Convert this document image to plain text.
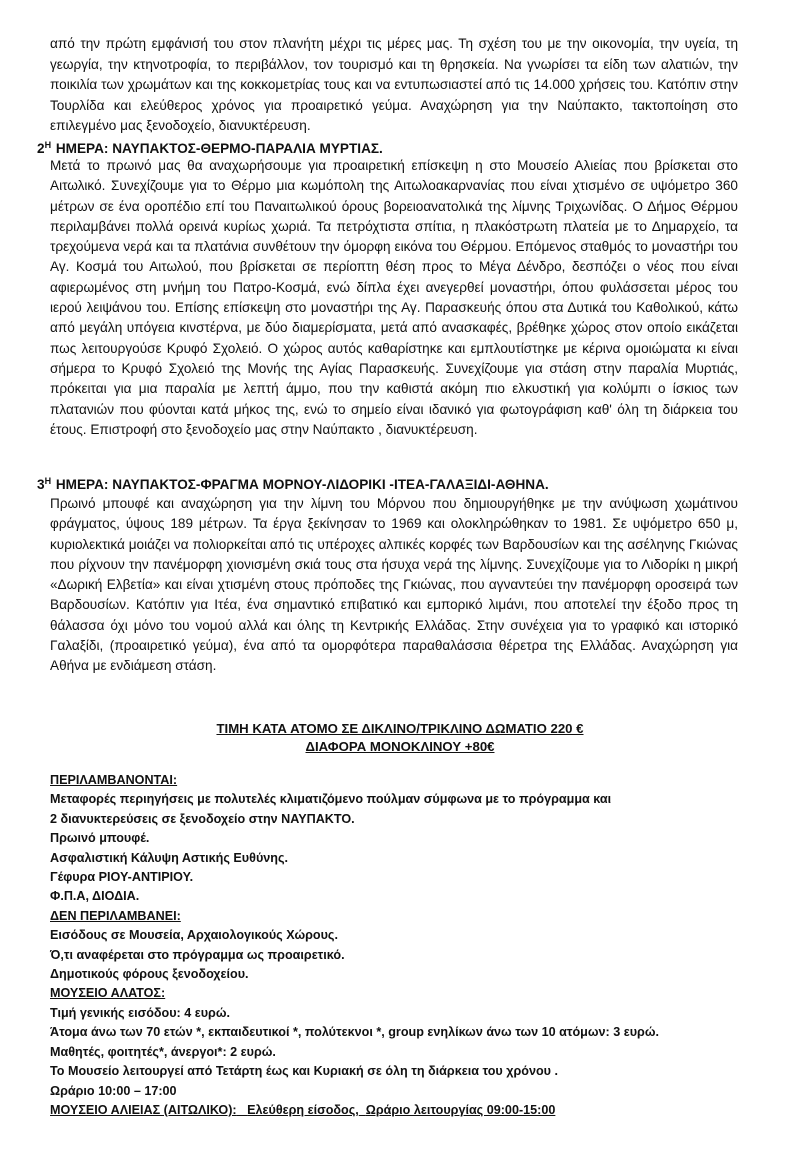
από την πρώτη εμφάνισή του στον πλανήτη μέχρι τις μέρες μας. Τη σχέση του με την οικονομία, την υγεία, τη γεωργία, την κτηνοτροφία, το περιβάλλον, τον τουρισμό και τη θρησκεία. Να γνωρίσει τα είδη των αλατιών, την ποικιλία των χρωμάτων και της κοκκομετρίας τους και να εντυπωσιαστεί από τις 14.000 χρήσεις του. Κατόπιν στην Τουρλίδα και ελεύθερος χρόνος για προαιρετικό γεύμα. Αναχώρηση για την Ναύπακτο, τακτοποίηση στο επιλεγμένο μας ξενοδοχείο, διανυκτέρευση.

$2^H$ ΗΜΕΡΑ: ΝΑΥΠΑΚΤΟΣ-ΘΕΡΜΟ-ΠΑΡΑΛΙΑ ΜΥΡΤΙΑΣ.

Μετά το πρωινό μας θα αναχωρήσουμε για προαιρετική επίσκεψη η στο Μουσείο Αλιείας που βρίσκεται στο Αιτωλικό. Συνεχίζουμε για το Θέρμο μια κωμόπολη της Αιτωλοακαρνανίας που είναι χτισμένο σε υψόμετρο 360 μέτρων σε ένα οροπέδιο επί του Παναιτωλικού όρους βορειοανατολικά της λίμνης Τριχωνίδας. Ο Δήμος Θέρμου περιλαμβάνει πολλά ορεινά κυρίως χωριά. Τα πετρόχτιστα σπίτια, η πλακόστρωτη πλατεία με το Δημαρχείο, τα τρεχούμενα νερά και τα πλατάνια συνθέτουν την όμορφη εικόνα του Θέρμου. Επόμενος σταθμός το μοναστήρι του Αγ. Κοσμά του Αιτωλού, που βρίσκεται σε περίοπτη θέση προς το Μέγα Δένδρο, δεσπόζει ο νέος που είναι αφιερωμένος στη μνήμη του Πατρο-Κοσμά, ενώ δίπλα έχει ανεγερθεί μοναστήρι, όπου φυλάσσεται μέρος του ιερού λειψάνου του. Επίσης επίσκεψη στο μοναστήρι της Αγ. Παρασκευής όπου στα Δυτικά του Καθολικού, κάτω από μεγάλη υπόγεια κινστέρνα, με δύο διαμερίσματα, μετά από ανασκαφές, βρέθηκε χώρος στον οποίο εικάζεται πως λειτουργούσε Κρυφό Σχολειό. Ο χώρος αυτός καθαρίστηκε και εμπλουτίστηκε με κέρινα ομοιώματα κι είναι σήμερα το Κρυφό Σχολειό της Μονής της Αγίας Παρασκευής. Συνεχίζουμε για στάση στην παραλία Μυρτιάς, πρόκειται για μια παραλία με λεπτή άμμο, που την καθιστά ακόμη πιο ελκυστική για κολύμπι ο ίσκιος των πλατανιών που φύονται κατά μήκος της, ενώ το σημείο είναι ιδανικό για φωτογράφιση καθ' όλη τη διάρκεια του έτους. Επιστροφή στο ξενοδοχείο μας στην Ναύπακτο , διανυκτέρευση.

$3^H$ ΗΜΕΡΑ: ΝΑΥΠΑΚΤΟΣ-ΦΡΑΓΜΑ ΜΟΡΝΟΥ-ΛΙΔΟΡΙΚΙ -ΙΤΕΑ-ΓΑΛΑΞΙΔΙ-ΑΘΗΝΑ.

Πρωινό μπουφέ και αναχώρηση για την λίμνη του Μόρνου που δημιουργήθηκε με την ανύψωση χωμάτινου φράγματος, ύψους 189 μέτρων. Τα έργα ξεκίνησαν το 1969 και ολοκληρώθηκαν το 1981. Σε υψόμετρο 650 μ, κυριολεκτικά μοιάζει να πολιορκείται από τις υπέροχες αλπικές κορφές των Βαρδουσίων και της ασέληνης Γκιώνας που ρίχνουν την πανέμορφη χιονισμένη σκιά τους στα ήσυχα νερά της λίμνης. Συνεχίζουμε για το Λιδορίκι η μικρή «Δωρική Ελβετία» και είναι χτισμένη στους πρόποδες της Γκιώνας, που αγναντεύει την πανέμορφη οροσειρά των Βαρδουσίων. Κατόπιν για Ιτέα, ένα σημαντικό επιβατικό και εμπορικό λιμάνι, που αποτελεί την έξοδο προς τη θάλασσα όχι μόνο του νομού αλλά και όλης τη Κεντρικής Ελλάδας. Στην συνέχεια για το γραφικό και ιστορικό Γαλαξίδι, (προαιρετικό γεύμα), ένα από τα ομορφότερα παραθαλάσσια θέρετρα της Ελλάδας. Αναχώρηση για Αθήνα με ενδιάμεση στάση.

ΤΙΜΗ ΚΑΤΑ ΑΤΟΜΟ ΣΕ ΔΙΚΛΙΝΟ/ΤΡΙΚΛΙΝΟ ΔΩΜΑΤΙΟ 220 €
ΔΙΑΦΟΡΑ ΜΟΝΟΚΛΙΝΟΥ +80€
ΠΕΡΙΛΑΜΒΑΝΟΝΤΑΙ:
Μεταφορές περιηγήσεις με πολυτελές κλιματιζόμενο πούλμαν σύμφωνα με το πρόγραμμα και
2 διανυκτερεύσεις σε ξενοδοχείο στην ΝΑΥΠΑΚΤΟ.
Πρωινό μπουφέ.
Ασφαλιστική Κάλυψη Αστικής Ευθύνης.
Γέφυρα ΡΙΟΥ-ΑΝΤΙΡΙΟΥ.
Φ.Π.Α, ΔΙΟΔΙΑ.
ΔΕΝ ΠΕΡΙΛΑΜΒΑΝΕΙ:
Εισόδους σε Μουσεία, Αρχαιολογικούς Χώρους.
Ό,τι αναφέρεται στο πρόγραμμα ως προαιρετικό.
Δημοτικούς φόρους ξενοδοχείου.
ΜΟΥΣΕΙΟ ΑΛΑΤΟΣ:
Τιμή γενικής εισόδου: 4 ευρώ.
Άτομα άνω των 70 ετών *, εκπαιδευτικοί *, πολύτεκνοι *, group ενηλίκων άνω των 10 ατόμων: 3 ευρώ.
Μαθητές, φοιτητές*, άνεργοι*: 2 ευρώ.
Το Μουσείο λειτουργεί από Τετάρτη έως και Κυριακή σε όλη τη διάρκεια του χρόνου .
Ωράριο 10:00 – 17:00
ΜΟΥΣΕΙΟ ΑΛΙΕΙΑΣ (ΑΙΤΩΛΙΚΟ): Ελεύθερη είσοδος, Ωράριο λειτουργίας 09:00-15:00
